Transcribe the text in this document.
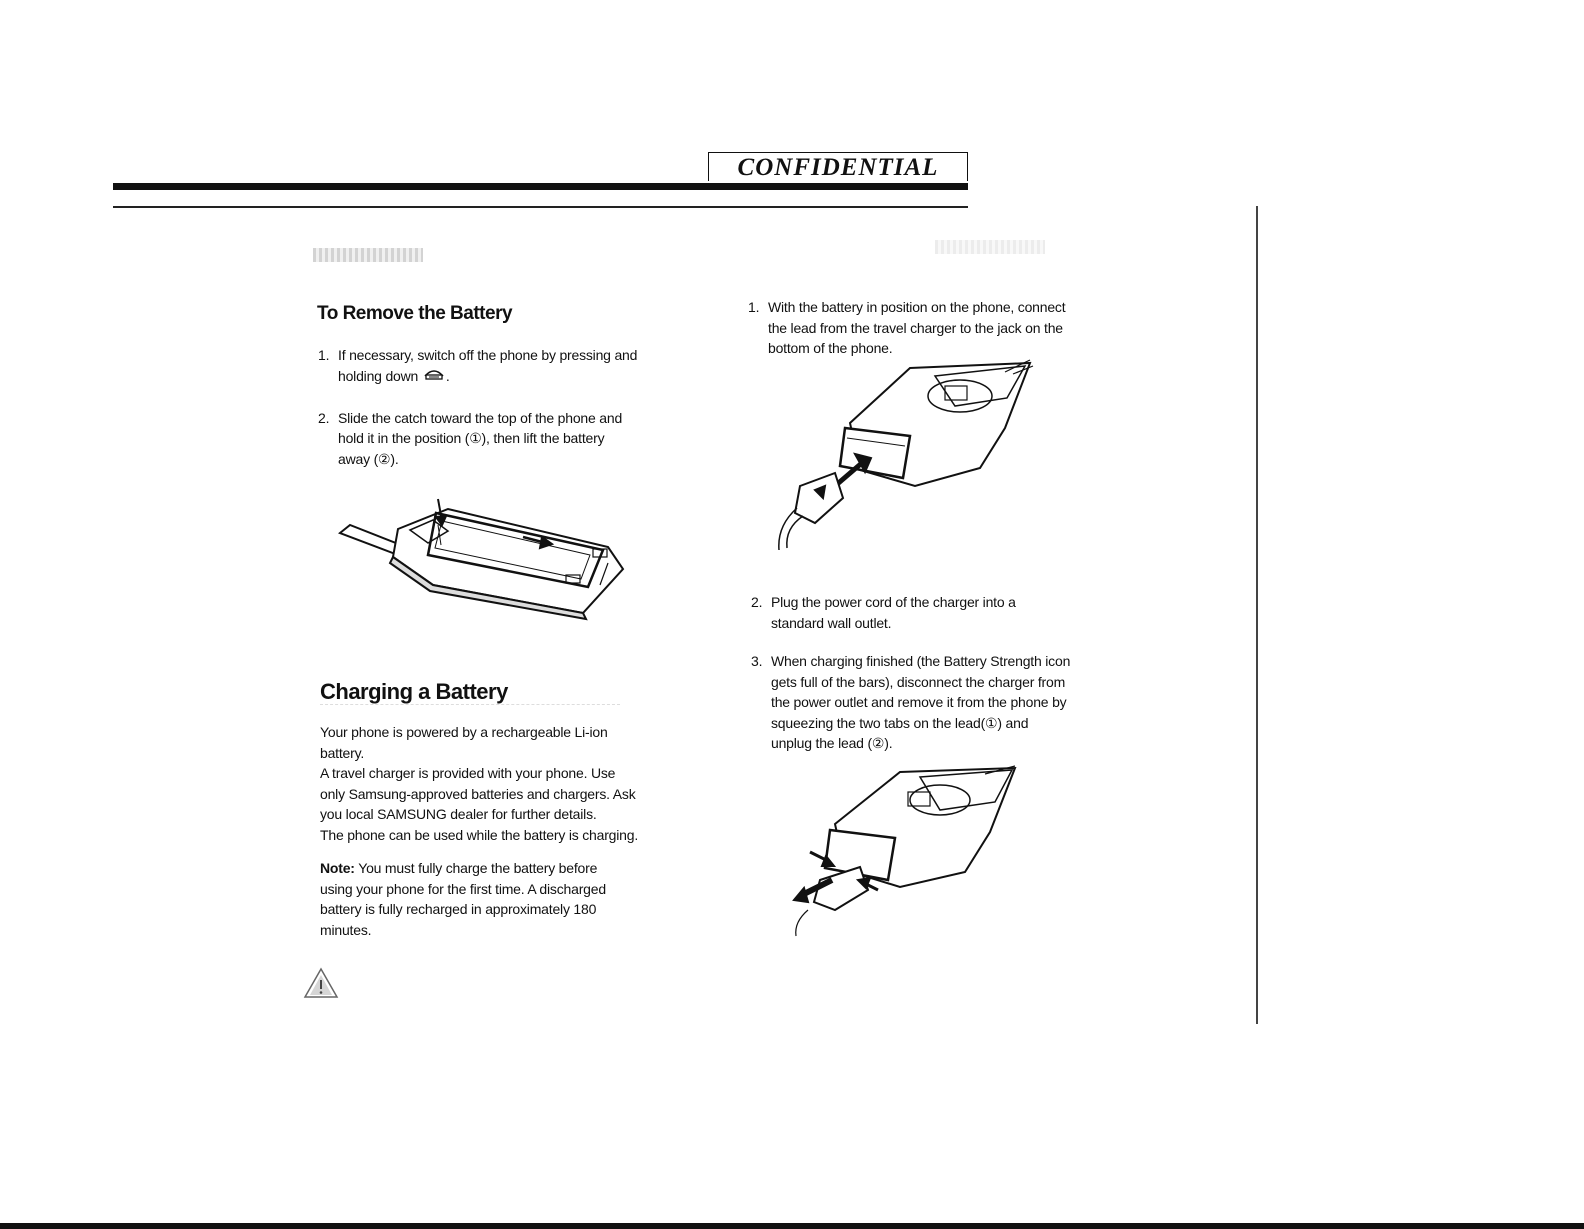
CONFIDENTIAL
To Remove the Battery
1. If necessary, switch off the phone by pressing and holding down .
2. Slide the catch toward the top of the phone and hold it in the position (①), then lift the battery away (②).
Charging a Battery
Your phone is powered by a rechargeable Li-ion battery.
A travel charger is provided with your phone. Use only Samsung-approved batteries and chargers. Ask you local SAMSUNG dealer for further details.
The phone can be used while the battery is charging.
Note: You must fully charge the battery before using your phone for the first time. A discharged battery is fully recharged in approximately 180 minutes.
1. With the battery in position on the phone, connect the lead from the travel charger to the jack on the bottom of the phone.
2. Plug the power cord of the charger into a standard wall outlet.
3. When charging finished (the Battery Strength icon gets full of the bars), disconnect the charger from the power outlet and remove it from the phone by squeezing the two tabs on the lead(①) and unplug the lead (②).
